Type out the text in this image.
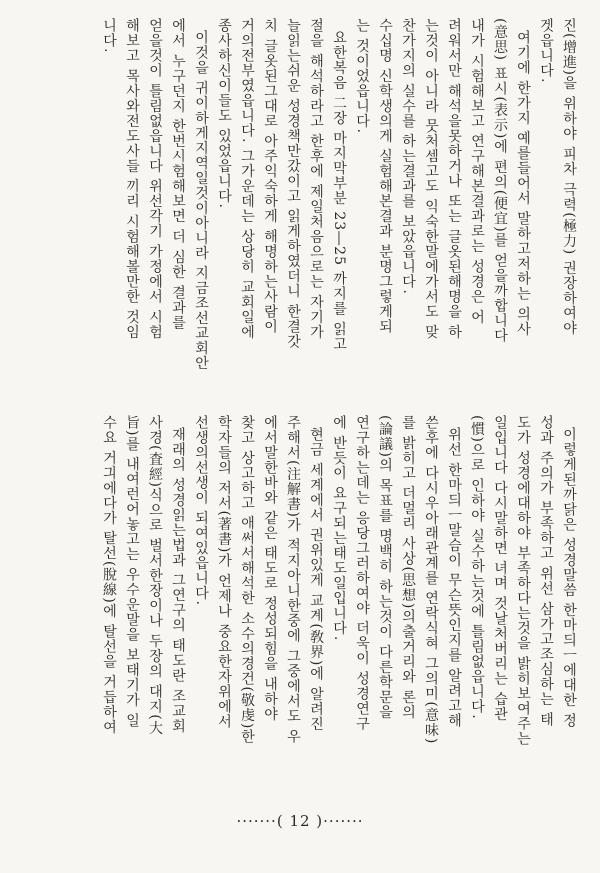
진(增進)을 위하야 피차 극력(極力) 권장하여야
겟읍니다.
여기에 한가지 예를들어서 말하고저하는 의사
(意思) 표시(表示)에 편의(便宜)를 얻을까합니다
내가 시험해보고 연구해본결과로는 성경은 어
려워서만 해석을못하거나 또는 글옷된해명을 하
는것이 아니라 뭇처셈고도 익숙한말에가서도 맞
찬가지의 실수를 하는결과를 보았읍니다.
수십명 신학생의게 실험해본결과 분명그렇게되
는 것이었읍니다.
요한복음 二장 마지막부분 23―25 까지를 읽고
절을 해석하라고 한후에 제일처음으로는 자기가
늘읽는쉬운 성경책만갔이고 읽게하였더니 한결갓
치 글옷된그대로 아주익숙하게 해명하는사람이
거의전부였읍니다. 그가운데는 상당히 교회일에
종사하신이들도 있었읍니다.
이것을 귀이하게지역일것이아니라 지금조선교회안
에서 누구던지 한번시험해보면 더 심한 결과를
얻을것이 틀림없읍니다 위선각기 가정에서 시험
해보고 목사와전도사들 끼리 시험해볼만한 것임
니다.
이렇게된까닭은 성경말씀 한마듸ㅡ에대한 정
성과 주의가 부족하고 위선 삼가고조심하는 태
도가 성경에대하야 부족하다는것을 밝히보여주는
일입니다 다시말하면 녀며 것날처버리는 습관
(慣)으로 인하야 실수하는것에 틀림없읍니다.
위선 한마듸ㅡ말슴이 무슨뜻인지를 알려고해
쓴후에 다시우아래관계를 연락식혀 그의미(意味)
를 밝히고 더멀리 사상(思想)의출거리와 론의
(論議)의 목표를 명백히 하는것이 다른학문을
연구하는데는 응당그러하여야 더욱이 성경연구
에 반듯이 요구되는태도일입니다.
현금 세계에서 권위있게 교계(敎界)에 알려진
주해서(注解書)가 적지아니한중에 그중에서도 우
에서말한바와 같은 태도로 정성되힘을 내하야
찾고 상고하고 애써서해석한 소수의경건(敬虔)한
학자들의 저서(著書)가 언제나 중요한자위에서
선생의선생이 되여있읍니다.
재래의 성경읽는법과 그연구의 태도란 조교회
사경(査經)식으로 벌서한장이나 두장의 대지(大
旨)를 내여런어놓고는 우수운말을 보태기가 일
수요 거긔에다가 탈선(脫線)에 탈선을 거듭하여
·······( 12 )·······
